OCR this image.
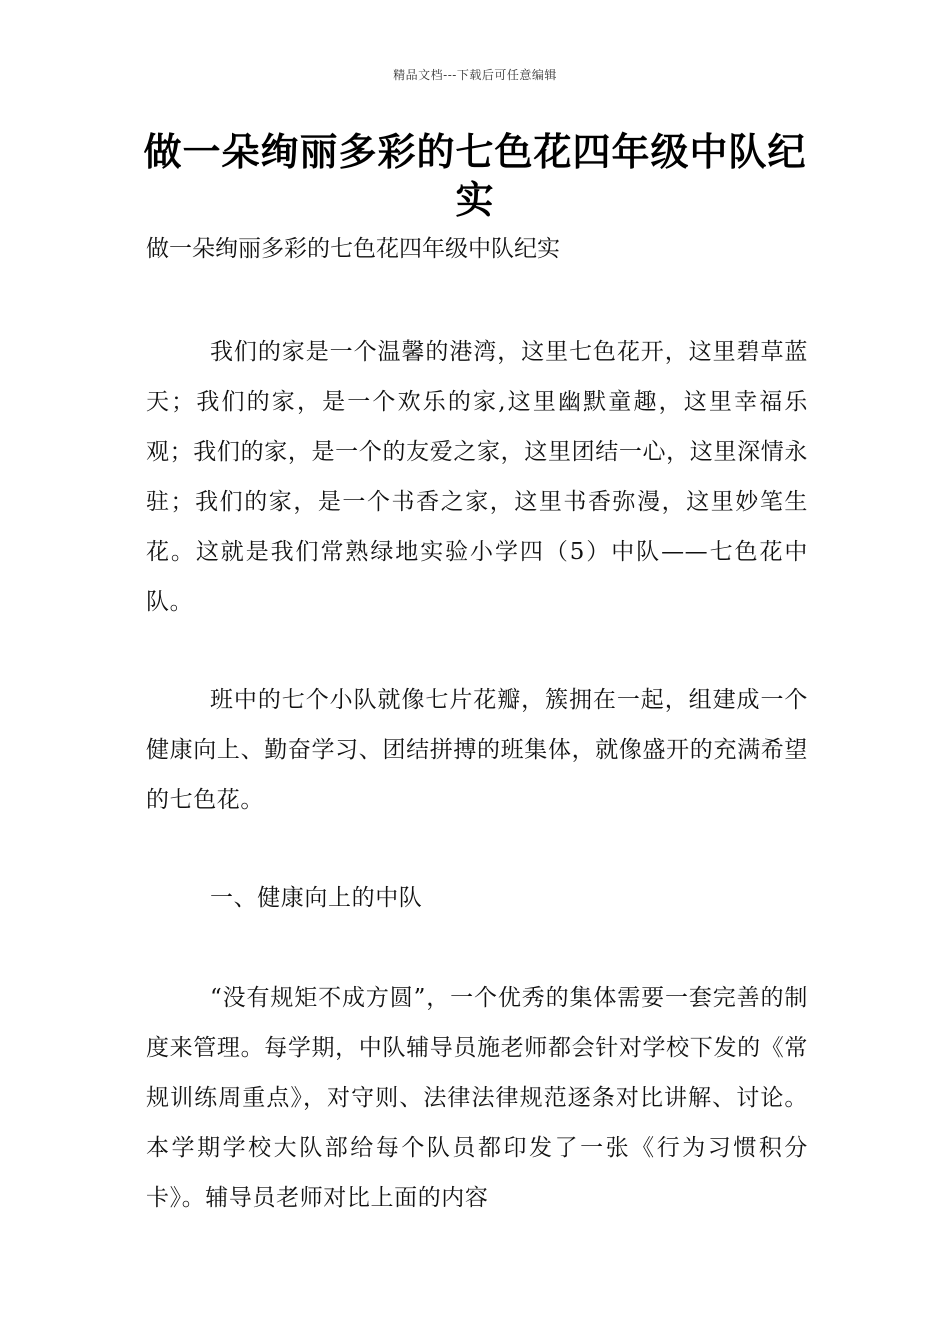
精品文档---下载后可任意编辑
做一朵绚丽多彩的七色花四年级中队纪实
做一朵绚丽多彩的七色花四年级中队纪实

我们的家是一个温馨的港湾，这里七色花开，这里碧草蓝天；我们的家，是一个欢乐的家,这里幽默童趣，这里幸福乐观；我们的家，是一个的友爱之家，这里团结一心，这里深情永驻；我们的家，是一个书香之家，这里书香弥漫，这里妙笔生花。这就是我们常熟绿地实验小学四（5）中队——七色花中队。

班中的七个小队就像七片花瓣，簇拥在一起，组建成一个健康向上、勤奋学习、团结拼搏的班集体，就像盛开的充满希望的七色花。

一、健康向上的中队

“没有规矩不成方圆”，一个优秀的集体需要一套完善的制度来管理。每学期，中队辅导员施老师都会针对学校下发的《常规训练周重点》，对守则、法律法律规范逐条对比讲解、讨论。本学期学校大队部给每个队员都印发了一张《行为习惯积分卡》。辅导员老师对比上面的内容
